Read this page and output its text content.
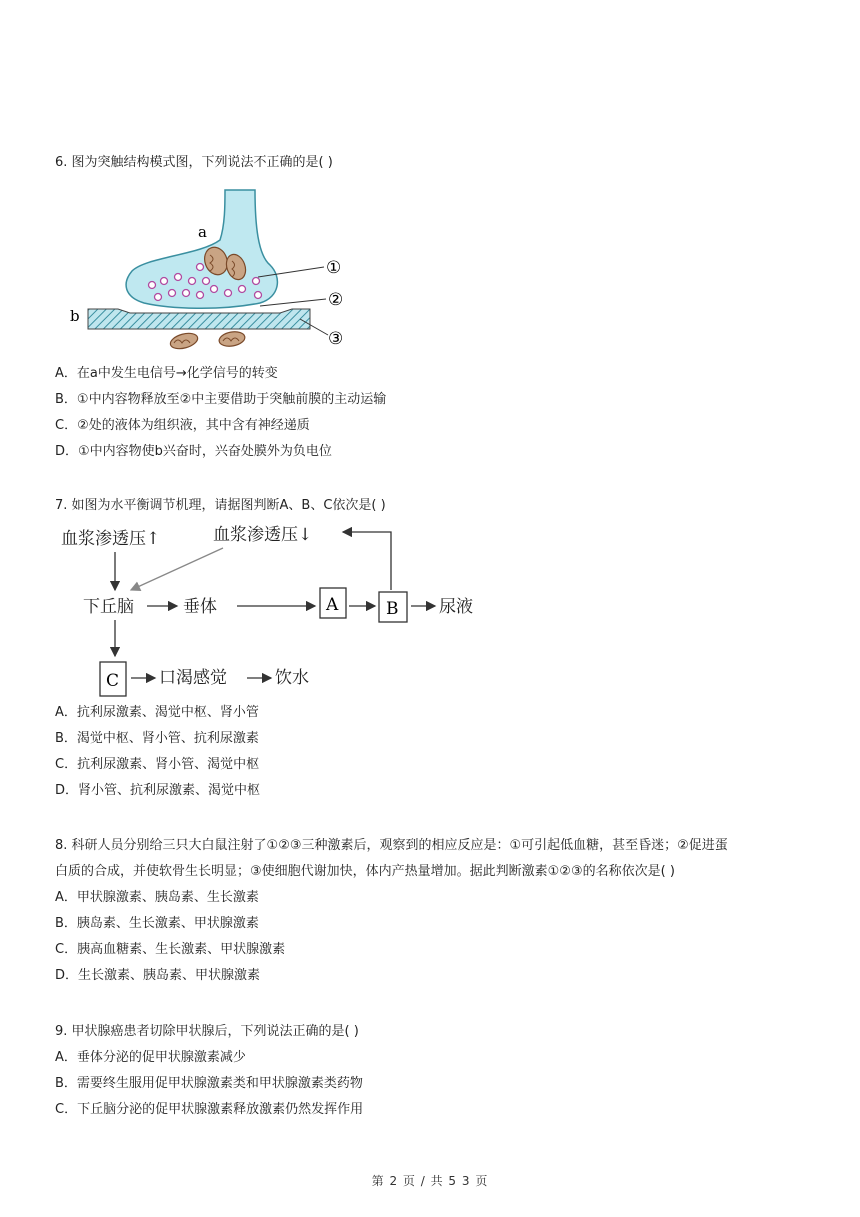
6. 图为突触结构模式图，下列说法不正确的是( )
a
b
①
②
③
A．在a中发生电信号→化学信号的转变
B．①中内容物释放至②中主要借助于突触前膜的主动运输
C．②处的液体为组织液，其中含有神经递质
D．①中内容物使b兴奋时，兴奋处膜外为负电位
7. 如图为水平衡调节机理，请据图判断A、B、C依次是( )
血浆渗透压↑	血浆渗透压↓
下丘脑	垂体	尿液
口渴感觉	饮水
A	B
C
A．抗利尿激素、渴觉中枢、肾小管
B．渴觉中枢、肾小管、抗利尿激素
C．抗利尿激素、肾小管、渴觉中枢
D．肾小管、抗利尿激素、渴觉中枢
8. 科研人员分别给三只大白鼠注射了①②③三种激素后，观察到的相应反应是：①可引起低血糖，甚至昏迷；②促进蛋
白质的合成，并使软骨生长明显；③使细胞代谢加快，体内产热量增加。据此判断激素①②③的名称依次是( )
A．甲状腺激素、胰岛素、生长激素
B．胰岛素、生长激素、甲状腺激素
C．胰高血糖素、生长激素、甲状腺激素
D．生长激素、胰岛素、甲状腺激素
9. 甲状腺癌患者切除甲状腺后，下列说法正确的是( )
A．垂体分泌的促甲状腺激素减少
B．需要终生服用促甲状腺激素类和甲状腺激素类药物
C．下丘脑分泌的促甲状腺激素释放激素仍然发挥作用
第 2 页 / 共 5 3 页
